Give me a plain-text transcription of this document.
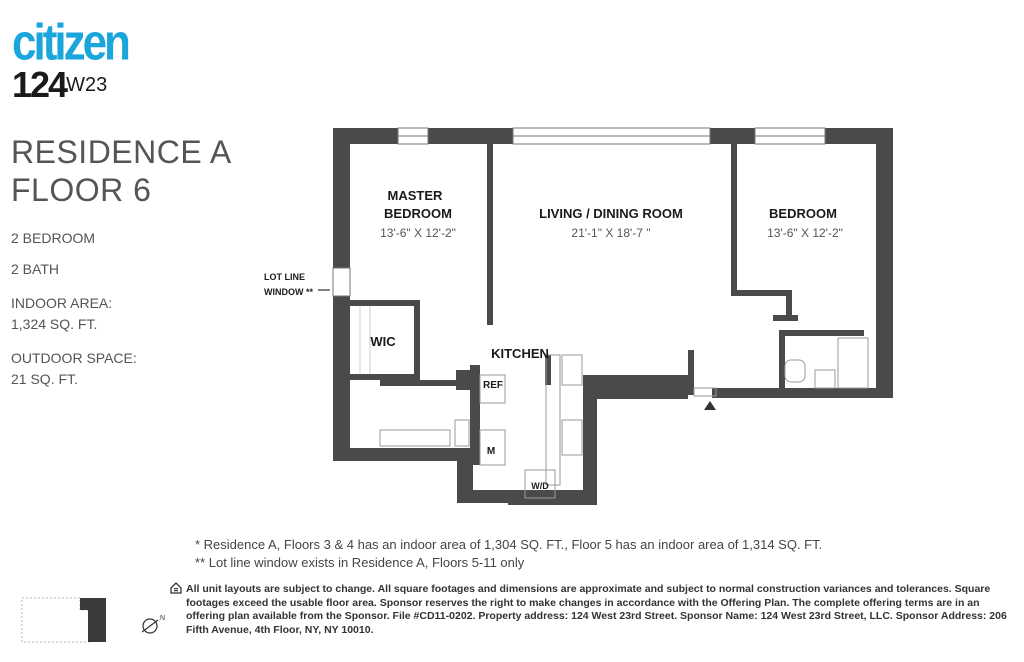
citizen
$124^{W23}$
RESIDENCE A
FLOOR 6
2 BEDROOM
2 BATH
INDOOR AREA:
1,324 SQ. FT.
OUTDOOR SPACE:
21 SQ. FT.
MASTER
BEDROOM
13'-6" X 12'-2"
LIVING / DINING ROOM
21'-1" X 18'-7 "
BEDROOM
13'-6" X 12'-2"
WIC
KITCHEN
REF
M
W/D
LOT LINE
WINDOW **
* Residence A, Floors 3 & 4 has an indoor area of 1,304 SQ. FT., Floor 5 has an indoor area of 1,314 SQ. FT.
** Lot line window exists in Residence A, Floors 5-11 only
All unit layouts are subject to change. All square footages and dimensions are approximate and subject to normal construction variances and tolerances. Square footages exceed the usable floor area. Sponsor reserves the right to make changes in accordance with the Offering Plan. The complete offering terms are in an offering plan available from the Sponsor. File #CD11-0202. Property address: 124 West 23rd Street. Sponsor Name: 124 West 23rd Street, LLC. Sponsor Address: 206 Fifth Avenue, 4th Floor, NY, NY 10010.
N
